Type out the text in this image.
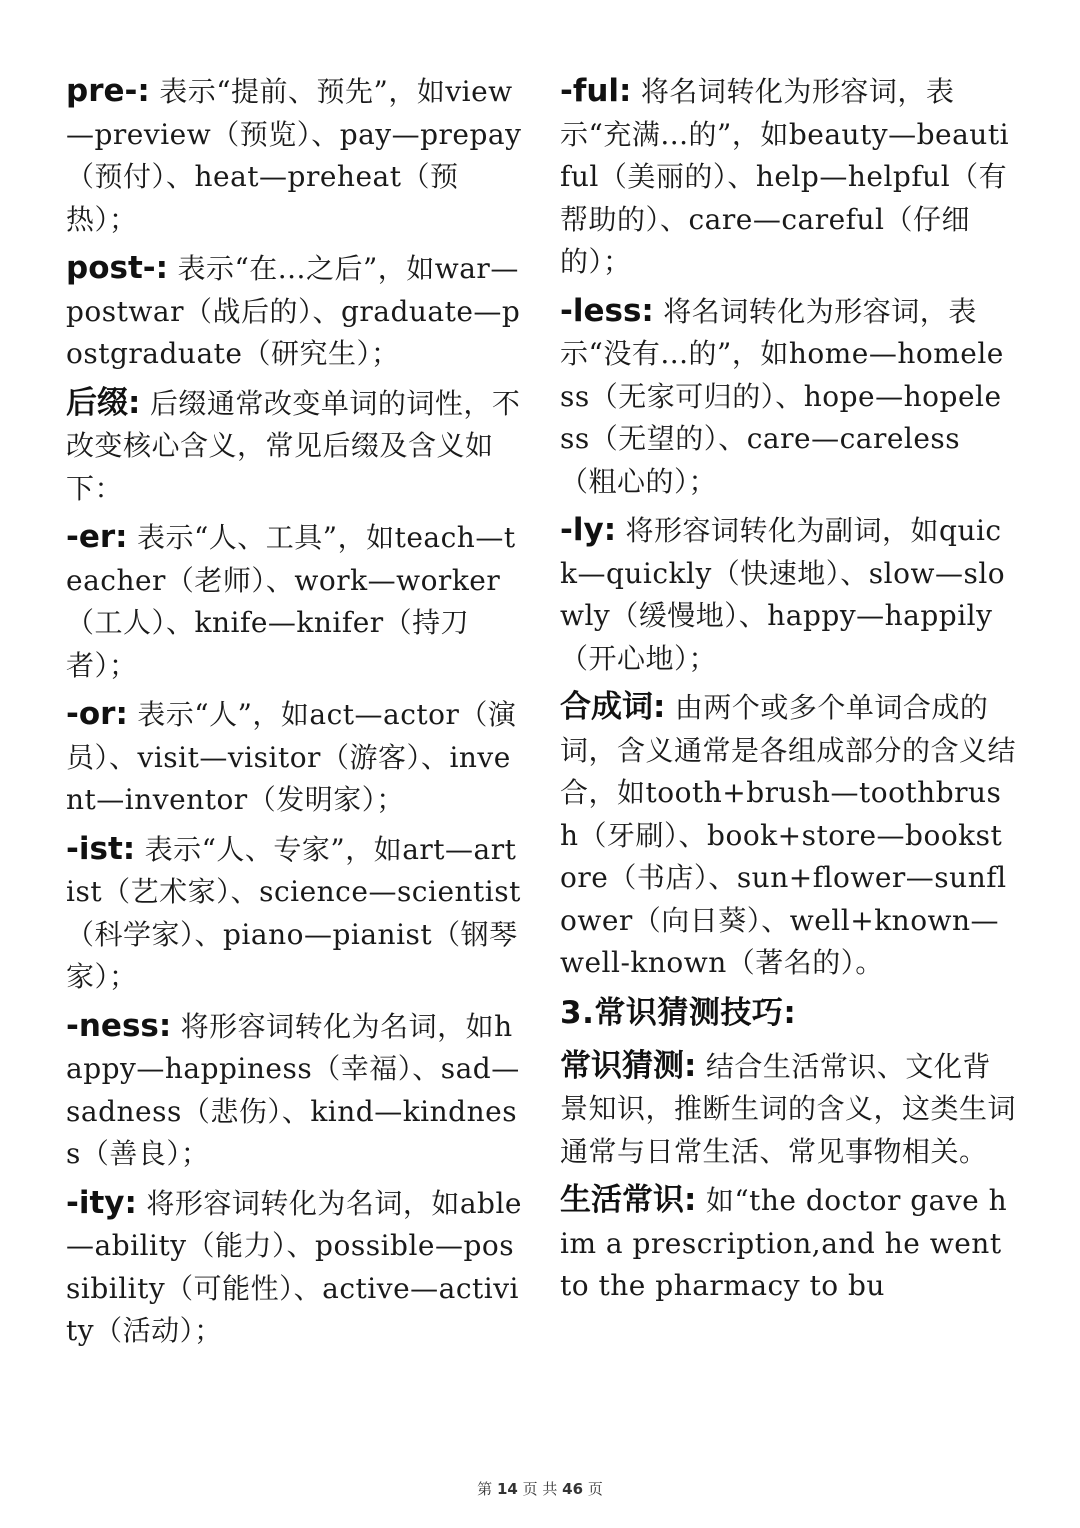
pre-: 表示“提前、预先”，如view—preview（预览）、pay—prepay（预付）、heat—preheat（预热）；

post-: 表示“在...之后”，如war—postwar（战后的）、graduate—postgraduate（研究生）；

后缀: 后缀通常改变单词的词性，不改变核心含义，常见后缀及含义如下：

-er: 表示“人、工具”，如teach—teacher（老师）、work—worker（工人）、knife—knifer（持刀者）；

-or: 表示“人”，如act—actor（演员）、visit—visitor（游客）、invent—inventor（发明家）；

-ist: 表示“人、专家”，如art—artist（艺术家）、science—scientist（科学家）、piano—pianist（钢琴家）；

-ness: 将形容词转化为名词，如happy—happiness（幸福）、sad—sadness（悲伤）、kind—kindness（善良）；

-ity: 将形容词转化为名词，如able—ability（能力）、possible—possibility（可能性）、active—activity（活动）；

-ful: 将名词转化为形容词，表示“充满...的”，如beauty—beautiful（美丽的）、help—helpful（有帮助的）、care—careful（仔细的）；

-less: 将名词转化为形容词，表示“没有...的”，如home—homeless（无家可归的）、hope—hopeless（无望的）、care—careless（粗心的）；

-ly: 将形容词转化为副词，如quick—quickly（快速地）、slow—slowly（缓慢地）、happy—happily（开心地）；

合成词: 由两个或多个单词合成的词，含义通常是各组成部分的含义结合，如tooth+brush—toothbrush（牙刷）、book+store—bookstore（书店）、sun+flower—sunflower（向日葵）、well+known—well-known（著名的）。

3.常识猜测技巧:

常识猜测: 结合生活常识、文化背景知识，推断生词的含义，这类生词通常与日常生活、常见事物相关。

生活常识: 如“the doctor gave him a prescription,and he went to the pharmacy to bu

第 14 页 共 46 页
